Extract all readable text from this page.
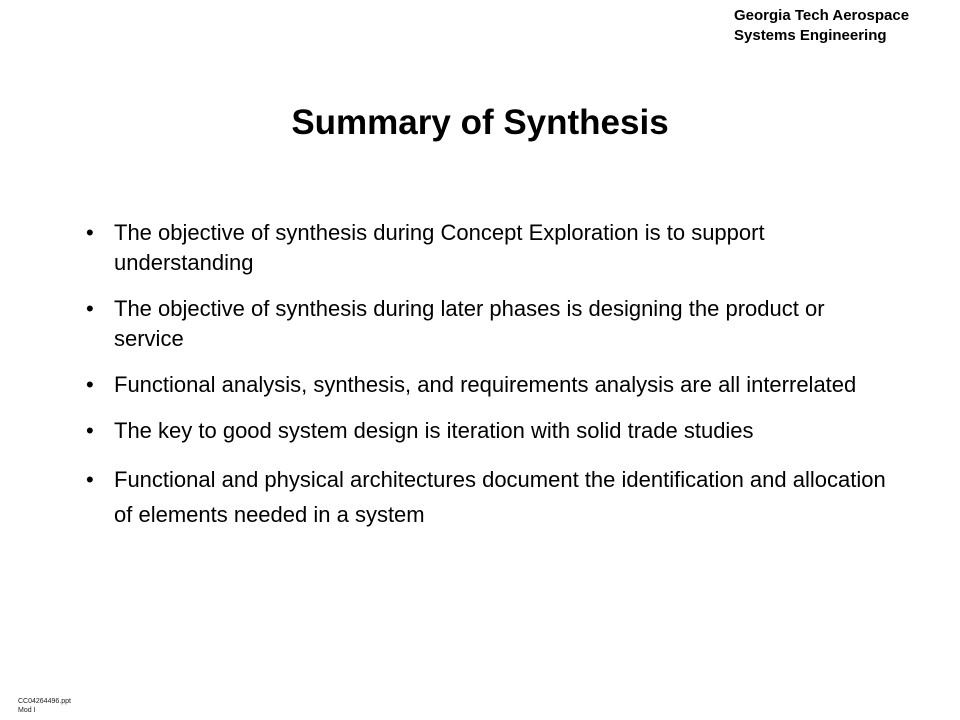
Georgia Tech Aerospace
Systems Engineering
Summary of Synthesis
• The objective of synthesis during Concept Exploration is to support understanding
• The objective of synthesis during later phases is designing the product or service
• Functional analysis, synthesis, and requirements analysis are all interrelated
• The key to good system design is iteration with solid trade studies
• Functional and physical architectures document the identification and allocation of elements needed in a system
CC04264496.ppt
Mod I
